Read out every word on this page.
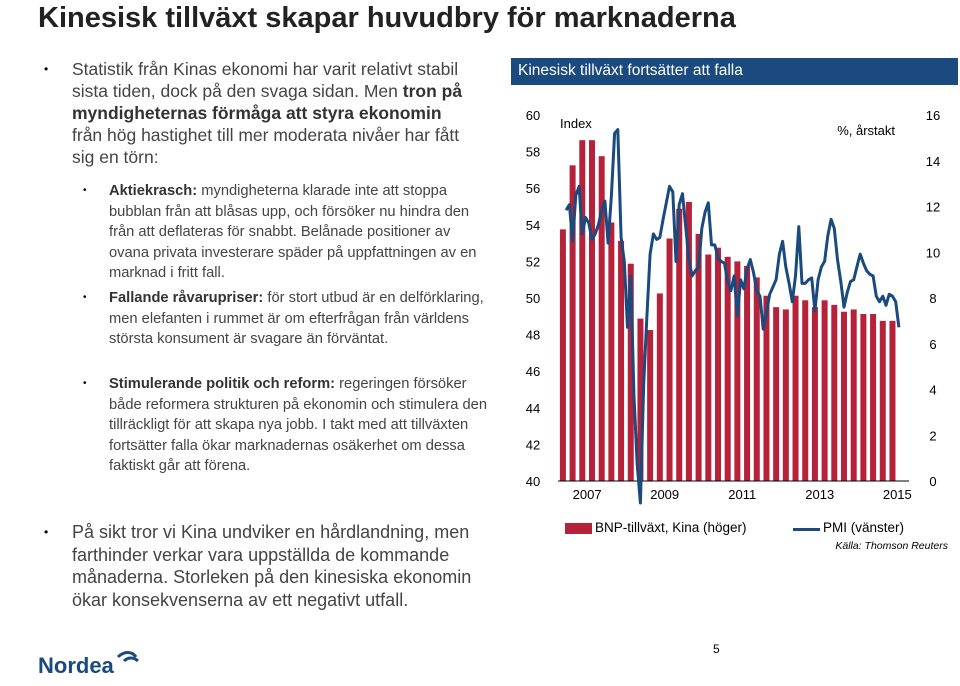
Kinesisk tillväxt skapar huvudbry för marknaderna
• Statistik från Kinas ekonomi har varit relativt stabil sista tiden, dock på den svaga sidan. Men tron på myndigheternas förmåga att styra ekonomin från hög hastighet till mer moderata nivåer har fått sig en törn:
• Aktiekrasch: myndigheterna klarade inte att stoppa bubblan från att blåsas upp, och försöker nu hindra den från att deflateras för snabbt. Belånade positioner av ovana privata investerare späder på uppfattningen av en marknad i fritt fall.
• Fallande råvarupriser: för stort utbud är en delförklaring, men elefanten i rummet är om efterfrågan från världens största konsument är svagare än förväntat.
• Stimulerande politik och reform: regeringen försöker både reformera strukturen på ekonomin och stimulera den tillräckligt för att skapa nya jobb. I takt med att tillväxten fortsätter falla ökar marknadernas osäkerhet om dessa faktiskt går att förena.
• På sikt tror vi Kina undviker en hårdlandning, men farthinder verkar vara uppställda de kommande månaderna. Storleken på den kinesiska ekonomin ökar konsekvenserna av ett negativt utfall.
Kinesisk tillväxt fortsätter att falla
40
42
44
46
48
50
52
54
56
58
60
0
2
4
6
8
10
12
14
16
Index	%, årstakt
2007	2009	2011	2013	2015
BNP-tillväxt, Kina (höger)	PMI (vänster)
Källa: Thomson Reuters
Nordea
5
